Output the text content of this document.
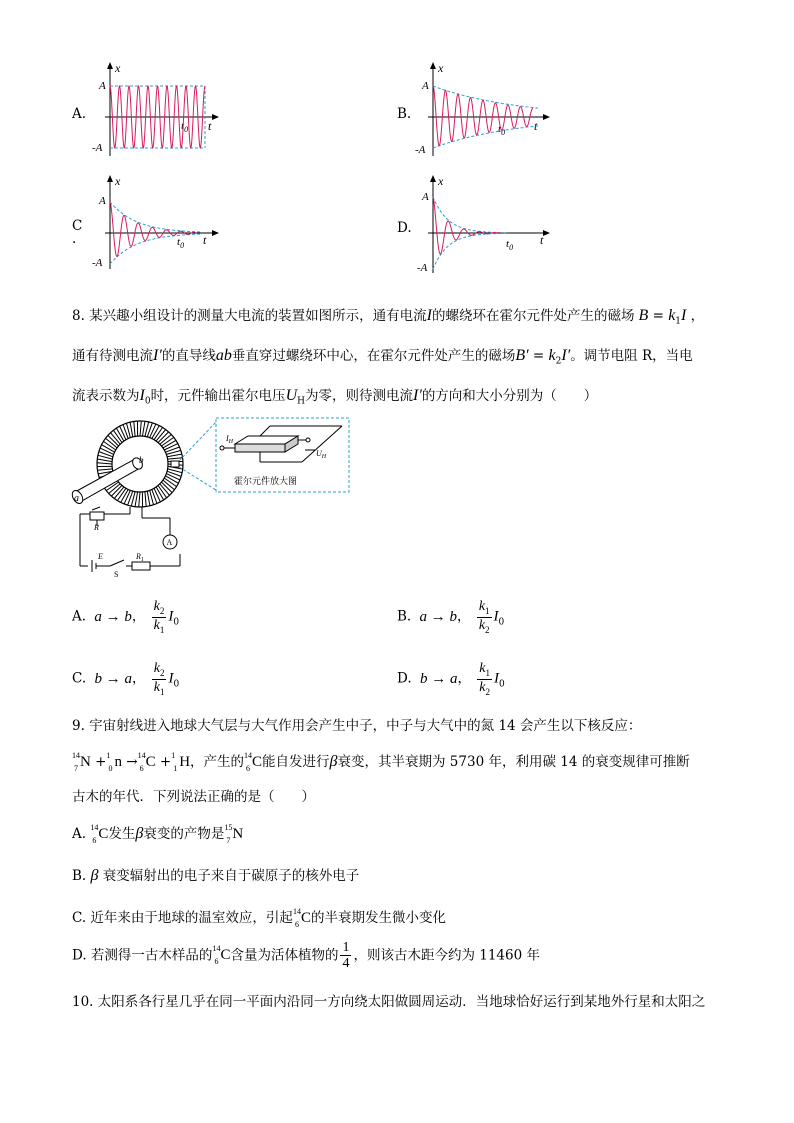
A.	B.
C
.
D.
x
A
-A
t
$t_0$
x
A
-A
t
$t_0$
x
A
-A
t
$t_0$
x
A
-A
t
$t_0$
8. 某兴趣小组设计的测量大电流的装置如图所示，通有电流I的螺绕环在霍尔元件处产生的磁场 $B = k_1I$ ，
通有待测电流I′的直导线ab垂直穿过螺绕环中心，在霍尔元件处产生的磁场$B' = k_2I'$。调节电阻 R，当电
流表示数为$I_0$时，元件输出霍尔电压$U_H$为零，则待测电流I′的方向和大小分别为（　　）
a
b
$I_H$
$U_H$
霍尔元件放大图
A
R
E
S
$R_1$
A. a → b， $\frac{k_2}{k_1} I_0$	B. a → b， $\frac{k_1}{k_2} I_0$
C. b → a， $\frac{k_2}{k_1} I_0$	D. b → a， $\frac{k_1}{k_2} I_0$
9. 宇宙射线进入地球大气层与大气作用会产生中子，中子与大气中的氮 14 会产生以下核反应：
14
7 N + 1
0 n → 14
6 C + 1
1 H，产生的 14
6 C能自发进行β衰变，其半衰期为 5730 年，利用碳 14 的衰变规律可推断
古木的年代．下列说法正确的是（　　）
A. 14
6 C发生β衰变的产物是 15
7 N
B. β 衰变辐射出的电子来自于碳原子的核外电子
C. 近年来由于地球的温室效应，引起 14
6 C的半衰期发生微小变化
D. 若测得一古木样品的 14
6 C含量为活体植物的 $\frac{1}{4}$ ，则该古木距今约为 11460 年
10. 太阳系各行星几乎在同一平面内沿同一方向绕太阳做圆周运动．当地球恰好运行到某地外行星和太阳之
